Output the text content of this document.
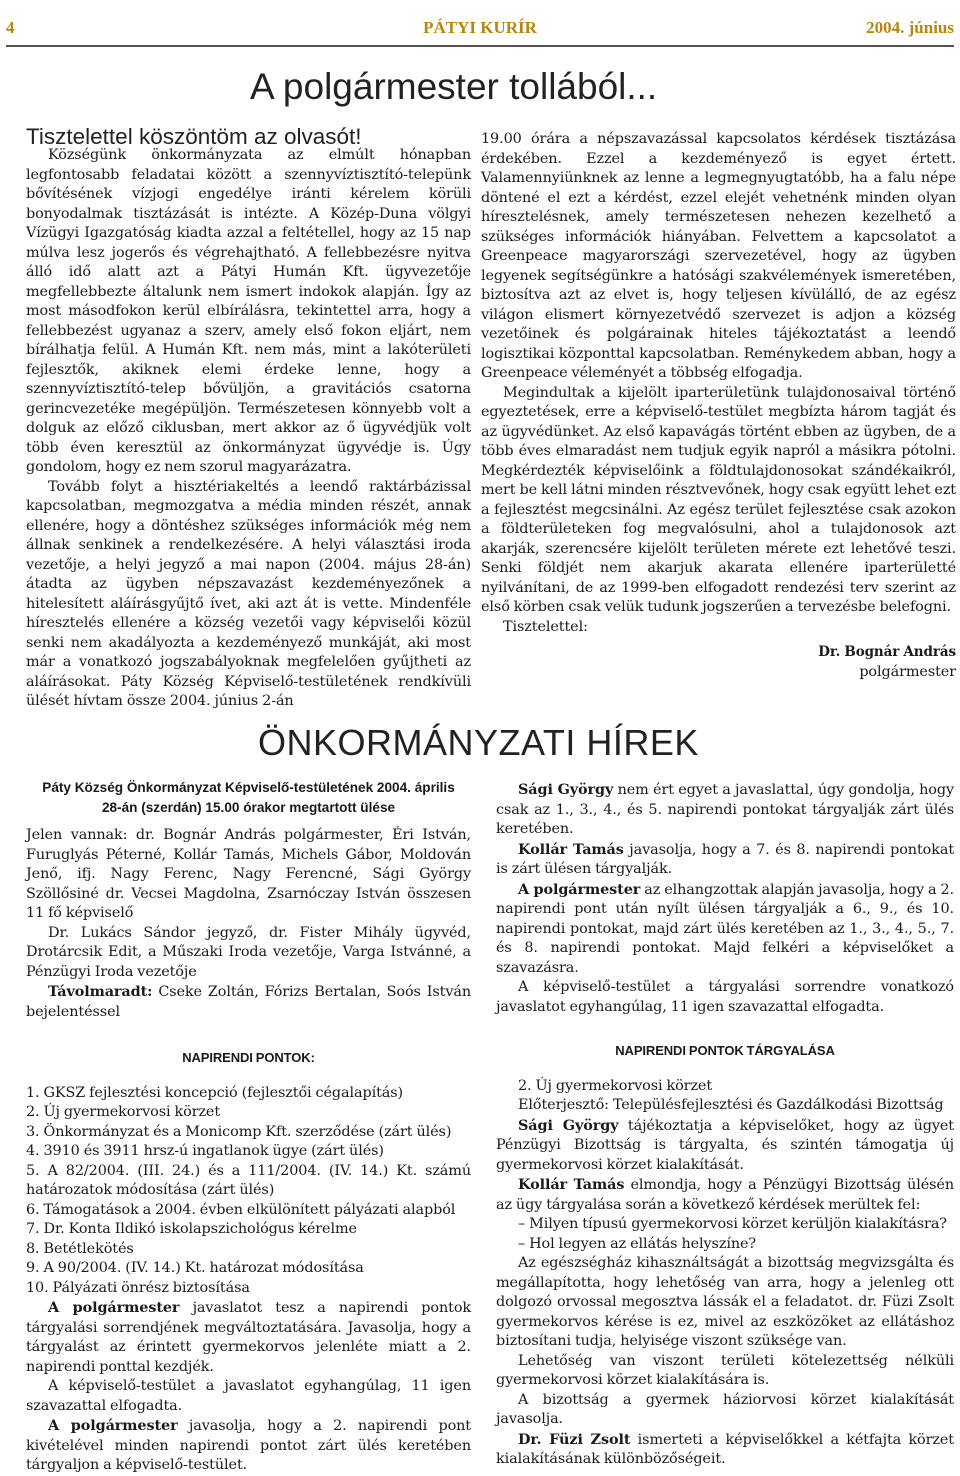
4	PÁTYI KURÍR	2004. június
A polgármester tollából...
Tisztelettel köszöntöm az olvasót!

Községünk önkormányzata az elmúlt hónapban legfontosabb feladatai között a szennyvíztisztító-telepünk bővítésének vízjogi engedélye iránti kérelem körüli bonyodalmak tisztázását is intézte. A Közép-Duna völgyi Vízügyi Igazgatóság kiadta azzal a feltétellel, hogy az 15 nap múlva lesz jogerős és végrehajtható. A fellebbezésre nyitva álló idő alatt azt a Pátyi Humán Kft. ügyvezetője megfellebbezte általunk nem ismert indokok alapján. Így az most másodfokon kerül elbírálásra, tekintettel arra, hogy a fellebbezést ugyanaz a szerv, amely első fokon eljárt, nem bírálhatja felül. A Humán Kft. nem más, mint a lakóterületi fejlesztők, akiknek elemi érdeke lenne, hogy a szennyvíztisztító-telep bővüljön, a gravitációs csatorna gerincvezetéke megépüljön. Természetesen könnyebb volt a dolguk az előző ciklusban, mert akkor az ő ügyvédjük volt több éven keresztül az önkormányzat ügyvédje is. Úgy gondolom, hogy ez nem szorul magyarázatra.

Tovább folyt a hisztériakeltés a leendő raktárbázissal kapcsolatban, megmozgatva a média minden részét, annak ellenére, hogy a döntéshez szükséges információk még nem állnak senkinek a rendelkezésére. A helyi választási iroda vezetője, a helyi jegyző a mai napon (2004. május 28-án) átadta az ügyben népszavazást kezdeményezőnek a hitelesített aláírásgyűjtő ívet, aki azt át is vette. Mindenféle híresztelés ellenére a község vezetői vagy képviselői közül senki nem akadályozta a kezdeményező munkáját, aki most már a vonatkozó jogszabályoknak megfelelően gyűjtheti az aláírásokat. Páty Község Képviselő-testületének rendkívüli ülését hívtam össze 2004. június 2-án

19.00 órára a népszavazással kapcsolatos kérdések tisztázása érdekében. Ezzel a kezdeményező is egyet értett. Valamennyiünknek az lenne a legmegnyugtatóbb, ha a falu népe döntené el ezt a kérdést, ezzel elejét vehetnénk minden olyan híresztelésnek, amely természetesen nehezen kezelhető a szükséges információk hiányában. Felvettem a kapcsolatot a Greenpeace magyarországi szervezetével, hogy az ügyben legyenek segítségünkre a hatósági szakvélemények ismeretében, biztosítva azt az elvet is, hogy teljesen kívülálló, de az egész világon elismert környezetvédő szervezet is adjon a község vezetőinek és polgárainak hiteles tájékoztatást a leendő logisztikai központtal kapcsolatban. Reménykedem abban, hogy a Greenpeace véleményét a többség elfogadja.

Megindultak a kijelölt iparterületünk tulajdonosaival történő egyeztetések, erre a képviselő-testület megbízta három tagját és az ügyvédünket. Az első kapavágás történt ebben az ügyben, de a több éves elmaradást nem tudjuk egyik napról a másikra pótolni. Megkérdezték képviselőink a földtulajdonosokat szándékaikról, mert be kell látni minden résztvevőnek, hogy csak együtt lehet ezt a fejlesztést megcsinálni. Az egész terület fejlesztése csak azokon a földterületeken fog megvalósulni, ahol a tulajdonosok azt akarják, szerencsére kijelölt területen mérete ezt lehetővé teszi. Senki földjét nem akarjuk akarata ellenére iparterületté nyilvánítani, de az 1999-ben elfogadott rendezési terv szerint az első körben csak velük tudunk jogszerűen a tervezésbe belefogni.

Tisztelettel:

Dr. Bognár András
polgármester
ÖNKORMÁNYZATI HÍREK
Páty Község Önkormányzat Képviselő-testületének 2004. április
28-án (szerdán) 15.00 órakor megtartott ülése

Jelen vannak: dr. Bognár András polgármester, Éri István, Furuglyás Péterné, Kollár Tamás, Michels Gábor, Moldován Jenő, ifj. Nagy Ferenc, Nagy Ferencné, Sági György Szöllősiné dr. Vecsei Magdolna, Zsarnóczay István összesen 11 fő képviselő

Dr. Lukács Sándor jegyző, dr. Fister Mihály ügyvéd, Drotárcsik Edit, a Műszaki Iroda vezetője, Varga Istvánné, a Pénzügyi Iroda vezetője

Távolmaradt: Cseke Zoltán, Fórizs Bertalan, Soós István bejelentéssel

NAPIRENDI PONTOK:

1. GKSZ fejlesztési koncepció (fejlesztői cégalapítás)
2. Új gyermekorvosi körzet
3. Önkormányzat és a Monicomp Kft. szerződése (zárt ülés)
4. 3910 és 3911 hrsz-ú ingatlanok ügye (zárt ülés)
5. A 82/2004. (III. 24.) és a 111/2004. (IV. 14.) Kt. számú határozatok módosítása (zárt ülés)
6. Támogatások a 2004. évben elkülönített pályázati alapból
7. Dr. Konta Ildikó iskolapszichológus kérelme
8. Betétlekötés
9. A 90/2004. (IV. 14.) Kt. határozat módosítása
10. Pályázati önrész biztosítása

A polgármester javaslatot tesz a napirendi pontok tárgyalási sorrendjének megváltoztatására. Javasolja, hogy a tárgyalást az érintett gyermekorvos jelenléte miatt a 2. napirendi ponttal kezdjék.

A képviselő-testület a javaslatot egyhangúlag, 11 igen szavazattal elfogadta.

A polgármester javasolja, hogy a 2. napirendi pont kivételével minden napirendi pontot zárt ülés keretében tárgyaljon a képviselő-testület.

Sági György nem ért egyet a javaslattal, úgy gondolja, hogy csak az 1., 3., 4., és 5. napirendi pontokat tárgyalják zárt ülés keretében.

Kollár Tamás javasolja, hogy a 7. és 8. napirendi pontokat is zárt ülésen tárgyalják.

A polgármester az elhangzottak alapján javasolja, hogy a 2. napirendi pont után nyílt ülésen tárgyalják a 6., 9., és 10. napirendi pontokat, majd zárt ülés keretében az 1., 3., 4., 5., 7. és 8. napirendi pontokat. Majd felkéri a képviselőket a szavazásra.

A képviselő-testület a tárgyalási sorrendre vonatkozó javaslatot egyhangúlag, 11 igen szavazattal elfogadta.

NAPIRENDI PONTOK TÁRGYALÁSA

2. Új gyermekorvosi körzet

Előterjesztő: Településfejlesztési és Gazdálkodási Bizottság

Sági György tájékoztatja a képviselőket, hogy az ügyet Pénzügyi Bizottság is tárgyalta, és szintén támogatja új gyermekorvosi körzet kialakítását.

Kollár Tamás elmondja, hogy a Pénzügyi Bizottság ülésén az ügy tárgyalása során a következő kérdések merültek fel:

– Milyen típusú gyermekorvosi körzet kerüljön kialakításra?

– Hol legyen az ellátás helyszíne?

Az egészségház kihasználtságát a bizottság megvizsgálta és megállapította, hogy lehetőség van arra, hogy a jelenleg ott dolgozó orvossal megosztva lássák el a feladatot. dr. Füzi Zsolt gyermekorvos kérése is ez, mivel az eszközöket az ellátáshoz biztosítani tudja, helyisége viszont szüksége van.

Lehetőség van viszont területi kötelezettség nélküli gyermekorvosi körzet kialakítására is.

A bizottság a gyermek háziorvosi körzet kialakítását javasolja.

Dr. Füzi Zsolt ismerteti a képviselőkkel a kétfajta körzet kialakításának különbözőségeit.
